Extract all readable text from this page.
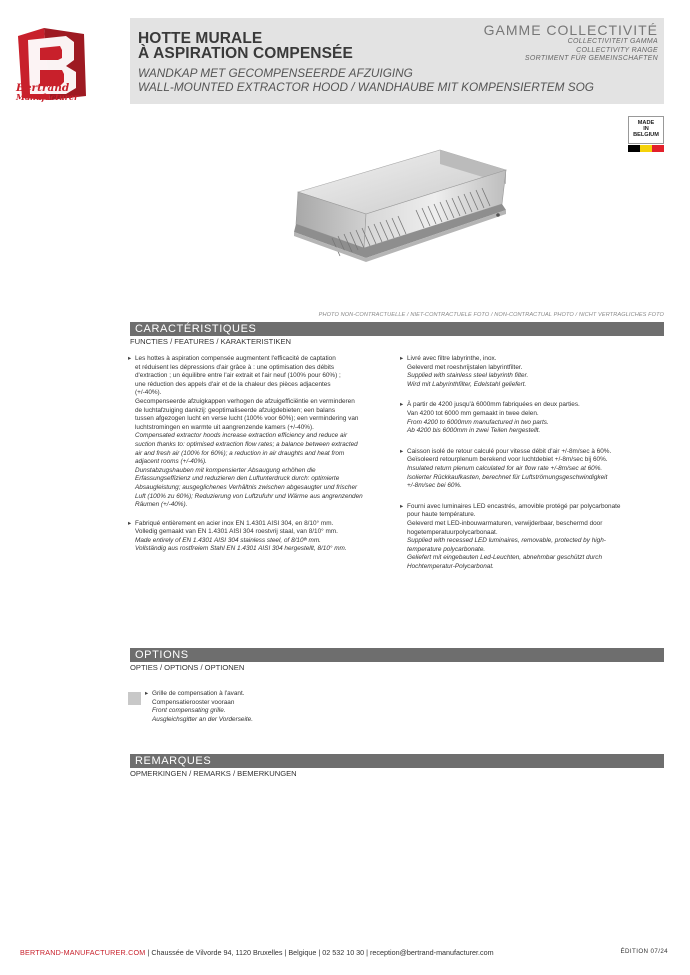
Bertrand
Manufacturer
HOTTE MURALE
À ASPIRATION COMPENSÉE
WANDKAP MET GECOMPENSEERDE AFZUIGING
WALL-MOUNTED EXTRACTOR HOOD / WANDHAUBE MIT KOMPENSIERTEM SOG
GAMME COLLECTIVITÉ
COLLECTIVITEIT GAMMA
COLLECTIVITY RANGE
SORTIMENT FÜR GEMEINSCHAFTEN
MADE
IN
BELGIUM
PHOTO NON-CONTRACTUELLE / NIET-CONTRACTUELE FOTO / NON-CONTRACTUAL PHOTO / NICHT VERTRAGLICHES FOTO
CARACTÉRISTIQUES
FUNCTIES / FEATURES / KARAKTERISTIKEN
▸ Les hottes à aspiration compensée augmentent l'efficacité de captation
et réduisent les dépressions d'air grâce à : une optimisation des débits
d'extraction ; un équilibre entre l'air extrait et l'air neuf (100% pour 60%) ;
une réduction des appels d'air et de la chaleur des pièces adjacentes
(+/-40%).
Gecompenseerde afzuigkappen verhogen de afzuigefficiëntie en verminderen
de luchtafzuiging dankzij: geoptimaliseerde afzuigdebieten; een balans
tussen afgezogen lucht en verse lucht (100% voor 60%); een vermindering van
luchtstromingen en warmte uit aangrenzende kamers (+/-40%).
Compensated extractor hoods increase extraction efficiency and reduce air
suction thanks to: optimised extraction flow rates; a balance between extracted
air and fresh air (100% for 60%); a reduction in air draughts and heat from
adjacent rooms (+/-40%).
Dunstabzugshauben mit kompensierter Absaugung erhöhen die
Erfassungseffizienz und reduzieren den Luftunterdruck durch: optimierte
Absaugleistung; ausgeglichenes Verhältnis zwischen abgesaugter und frischer
Luft (100% zu 60%); Reduzierung von Luftzufuhr und Wärme aus angrenzenden
Räumen (+/-40%).
▸ Fabriqué entièrement en acier inox EN 1.4301 AISI 304, en 8/10° mm.
Volledig gemaakt van EN 1.4301 AISI 304 roestvrij staal, van 8/10° mm.
Made entirely of EN 1.4301 AISI 304 stainless steel, of 8/10ᵗʰ mm.
Vollständig aus rostfreiem Stahl EN 1.4301 AISI 304 hergestellt, 8/10° mm.
▸ Livré avec filtre labyrinthe, inox.
Geleverd met roestvrijstalen labyrintfilter.
Supplied with stainless steel labyrinth filter.
Wird mit Labyrinthfilter, Edelstahl geliefert.
▸ À partir de 4200 jusqu'à 6000mm fabriquées en deux parties.
Van 4200 tot 6000 mm gemaakt in twee delen.
From 4200 to 6000mm manufactured in two parts.
Ab 4200 bis 6000mm in zwei Teilen hergestellt.
▸ Caisson isolé de retour calculé pour vitesse débit d'air +/-8m/sec à 60%.
Geïsoleerd retourplenum berekend voor luchtdebiet +/-8m/sec bij 60%.
Insulated return plenum calculated for air flow rate +/-8m/sec at 60%.
Isolierter Rückkaufkasten, berechnet für Luftströmungsgeschwindigkeit
+/-8m/sec bei 60%.
▸ Fourni avec luminaires LED encastrés, amovible protégé par polycarbonate
pour haute température.
Geleverd met LED-inbouwarmaturen, verwijderbaar, beschermd door
hogetemperatuurpolycarbonaat.
Supplied with recessed LED luminaires, removable, protected by high-
temperature polycarbonate.
Geliefert mit eingebauten Led-Leuchten, abnehmbar geschützt durch
Hochtemperatur-Polycarbonat.
OPTIONS
OPTIES / OPTIONS / OPTIONEN
▸ Grille de compensation à l'avant.
Compensatierooster vooraan
Front compensating grille.
Ausgleichsgitter an der Vorderseite.
REMARQUES
OPMERKINGEN / REMARKS / BEMERKUNGEN
BERTRAND-MANUFACTURER.COM | Chaussée de Vilvorde 94, 1120 Bruxelles | Belgique | 02 532 10 30 | reception@bertrand-manufacturer.com	ÉDITION 07/24
